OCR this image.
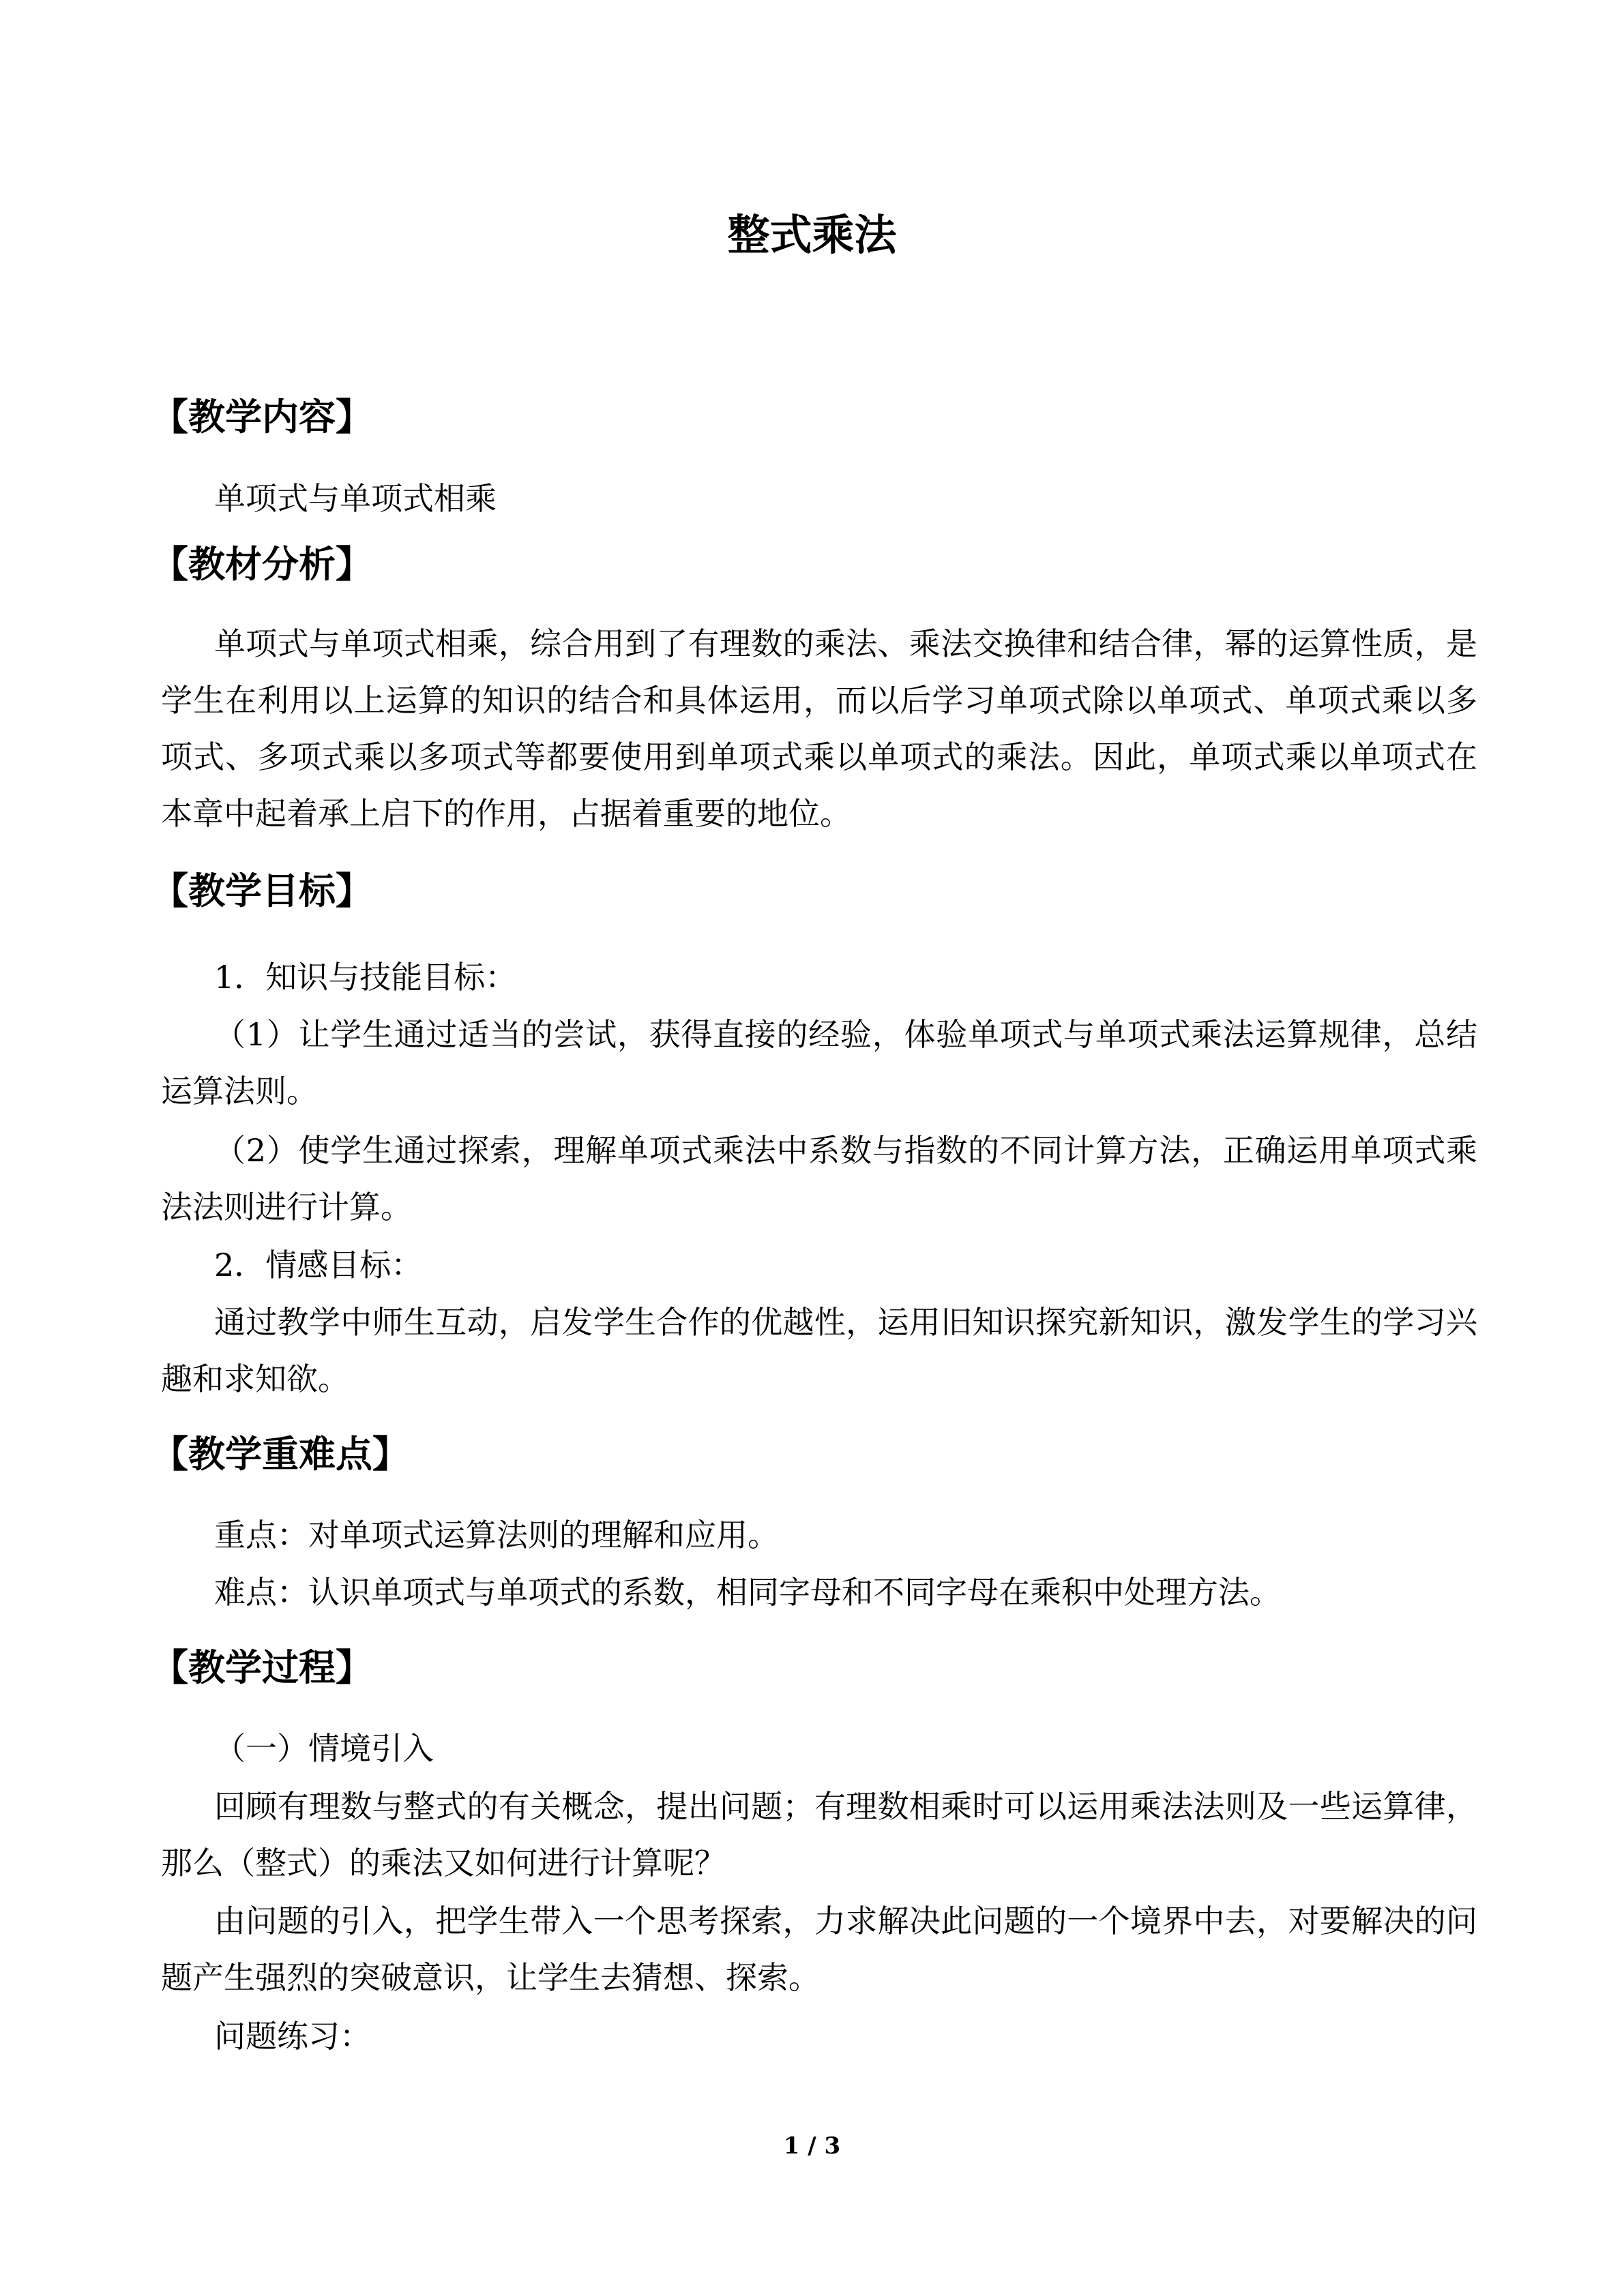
整式乘法
【教学内容】
单项式与单项式相乘
【教材分析】
单项式与单项式相乘，综合用到了有理数的乘法、乘法交换律和结合律，幂的运算性质，是学生在利用以上运算的知识的结合和具体运用，而以后学习单项式除以单项式、单项式乘以多项式、多项式乘以多项式等都要使用到单项式乘以单项式的乘法。因此，单项式乘以单项式在本章中起着承上启下的作用，占据着重要的地位。
【教学目标】
1．知识与技能目标：
（1）让学生通过适当的尝试，获得直接的经验，体验单项式与单项式乘法运算规律，总结运算法则。
（2）使学生通过探索，理解单项式乘法中系数与指数的不同计算方法，正确运用单项式乘法法则进行计算。
2．情感目标：
通过教学中师生互动，启发学生合作的优越性，运用旧知识探究新知识，激发学生的学习兴趣和求知欲。
【教学重难点】
重点：对单项式运算法则的理解和应用。
难点：认识单项式与单项式的系数，相同字母和不同字母在乘积中处理方法。
【教学过程】
（一）情境引入
回顾有理数与整式的有关概念，提出问题；有理数相乘时可以运用乘法法则及一些运算律，那么（整式）的乘法又如何进行计算呢？
由问题的引入，把学生带入一个思考探索，力求解决此问题的一个境界中去，对要解决的问题产生强烈的突破意识，让学生去猜想、探索。
问题练习：
1 / 3
